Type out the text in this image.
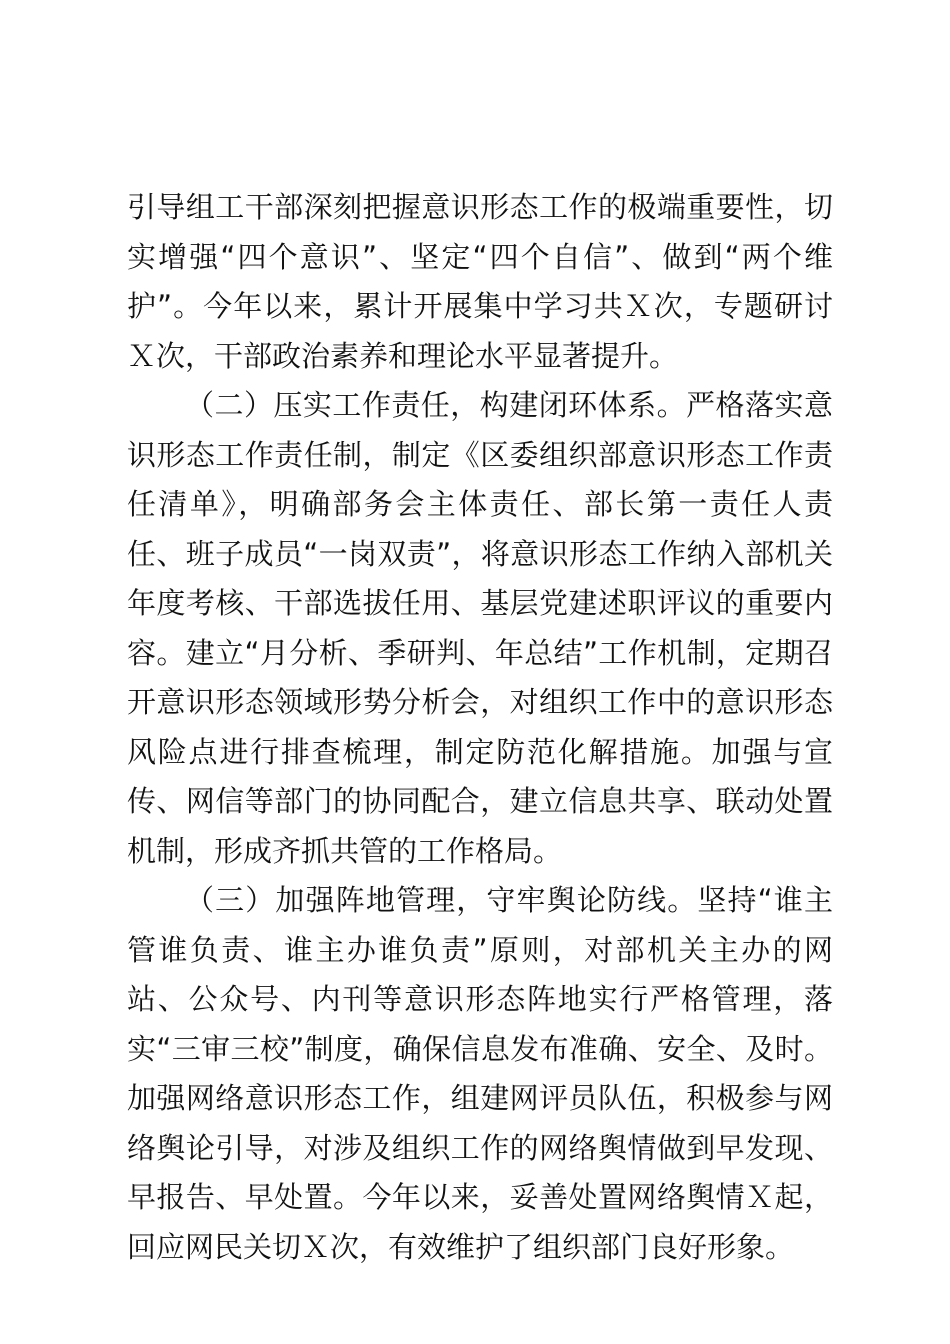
引导组工干部深刻把握意识形态工作的极端重要性，切实增强“四个意识”、坚定“四个自信”、做到“两个维护”。今年以来，累计开展集中学习共Ｘ次，专题研讨Ｘ次，干部政治素养和理论水平显著提升。

（二）压实工作责任，构建闭环体系。严格落实意识形态工作责任制，制定《区委组织部意识形态工作责任清单》，明确部务会主体责任、部长第一责任人责任、班子成员“一岗双责”，将意识形态工作纳入部机关年度考核、干部选拔任用、基层党建述职评议的重要内容。建立“月分析、季研判、年总结”工作机制，定期召开意识形态领域形势分析会，对组织工作中的意识形态风险点进行排查梳理，制定防范化解措施。加强与宣传、网信等部门的协同配合，建立信息共享、联动处置机制，形成齐抓共管的工作格局。

（三）加强阵地管理，守牢舆论防线。坚持“谁主管谁负责、谁主办谁负责”原则，对部机关主办的网站、公众号、内刊等意识形态阵地实行严格管理，落实“三审三校”制度，确保信息发布准确、安全、及时。加强网络意识形态工作，组建网评员队伍，积极参与网络舆论引导，对涉及组织工作的网络舆情做到早发现、早报告、早处置。今年以来，妥善处置网络舆情Ｘ起，回应网民关切Ｘ次，有效维护了组织部门良好形象。
